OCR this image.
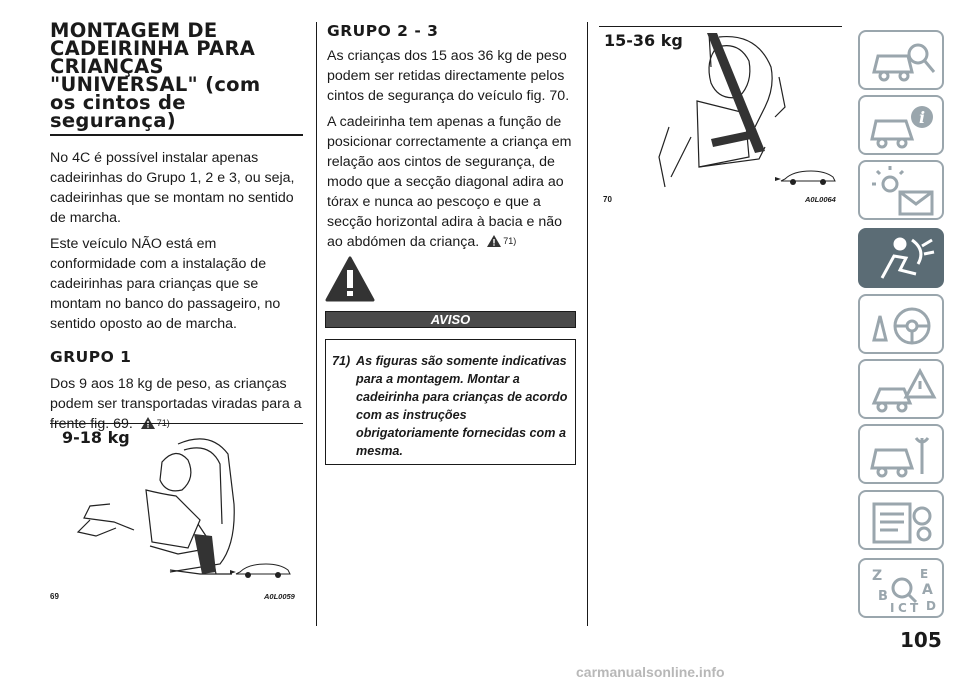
MONTAGEM DE
CADEIRINHA PARA
CRIANÇAS
"UNIVERSAL" (com
os cintos de
segurança)

No 4C é possível instalar apenas cadeirinhas do Grupo 1, 2 e 3, ou seja, cadeirinhas que se montam no sentido de marcha.

Este veículo NÃO está em conformidade com a instalação de cadeirinhas para crianças que se montam no banco do passageiro, no sentido oposto ao de marcha.

GRUPO 1

Dos 9 aos 18 kg de peso, as crianças podem ser transportadas viradas para a frente fig. 69.	71)

9-18 kg
69	A0L0059
GRUPO 2 - 3

As crianças dos 15 aos 36 kg de peso podem ser retidas directamente pelos cintos de segurança do veículo fig. 70.

A cadeirinha tem apenas a função de posicionar correctamente a criança em relação aos cintos de segurança, de modo que a secção diagonal adira ao tórax e nunca ao pescoço e que a secção horizontal adira à bacia e não ao abdómen da criança.	71)

AVISO
71) As figuras são somente indicativas para a montagem. Montar a cadeirinha para crianças de acordo com as instruções obrigatoriamente fornecidas com a mesma.
15-36 kg
70	A0L0064
i
Z
B
E
A
D
I C T
105
carmanualsonline.info
